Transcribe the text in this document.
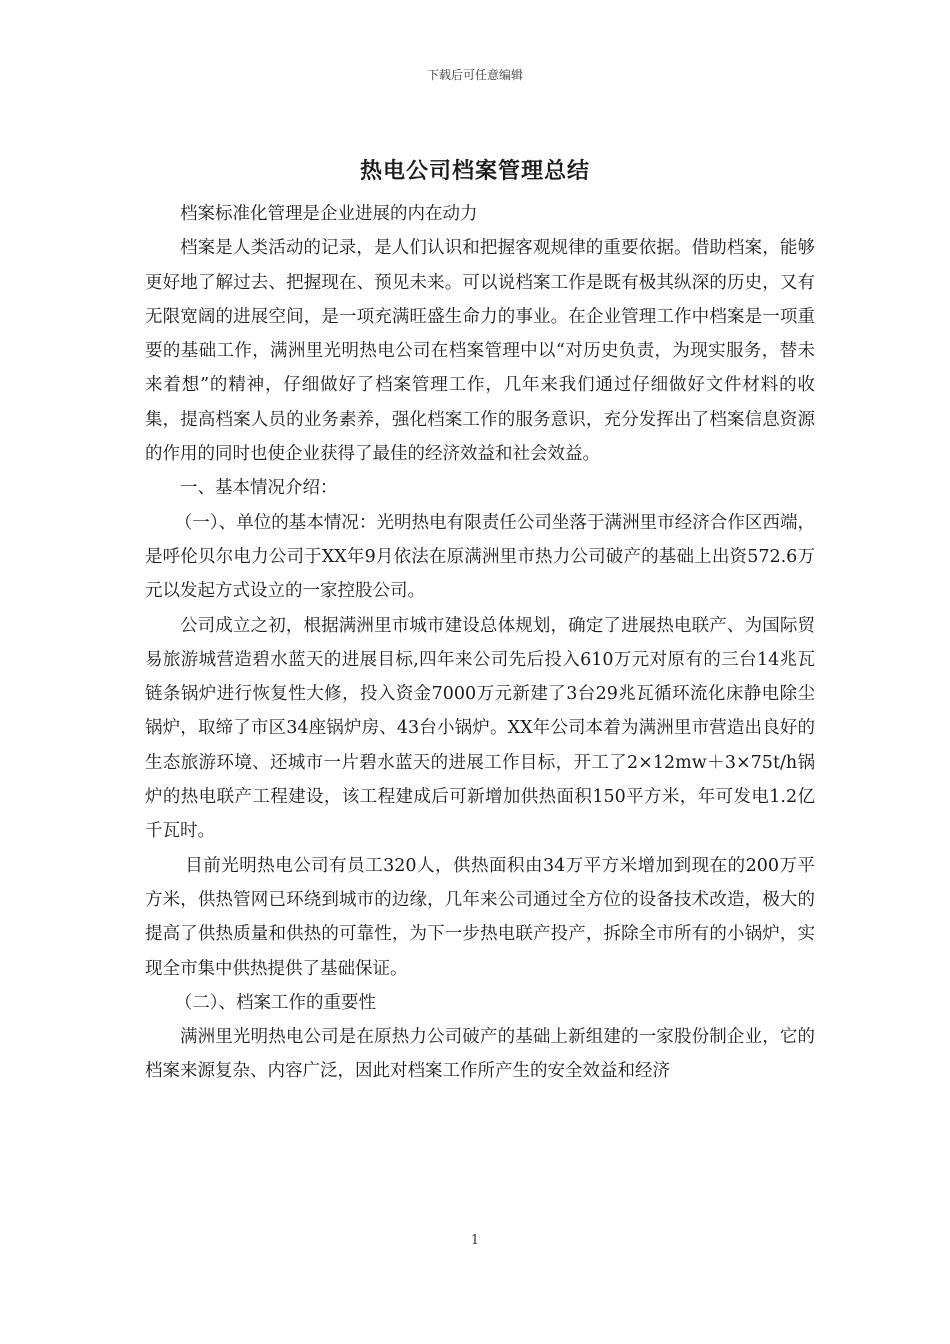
下载后可任意编辑
热电公司档案管理总结

档案标准化管理是企业进展的内在动力

档案是人类活动的记录，是人们认识和把握客观规律的重要依据。借助档案，能够更好地了解过去、把握现在、预见未来。可以说档案工作是既有极其纵深的历史，又有无限宽阔的进展空间，是一项充满旺盛生命力的事业。在企业管理工作中档案是一项重要的基础工作，满洲里光明热电公司在档案管理中以“对历史负责，为现实服务，替未来着想”的精神，仔细做好了档案管理工作，几年来我们通过仔细做好文件材料的收集，提高档案人员的业务素养，强化档案工作的服务意识，充分发挥出了档案信息资源的作用的同时也使企业获得了最佳的经济效益和社会效益。

一、基本情况介绍：

（一）、单位的基本情况：光明热电有限责任公司坐落于满洲里市经济合作区西端，是呼伦贝尔电力公司于XX年9月依法在原满洲里市热力公司破产的基础上出资572.6万元以发起方式设立的一家控股公司。

公司成立之初，根据满洲里市城市建设总体规划，确定了进展热电联产、为国际贸易旅游城营造碧水蓝天的进展目标,四年来公司先后投入610万元对原有的三台14兆瓦链条锅炉进行恢复性大修，投入资金7000万元新建了3台29兆瓦循环流化床静电除尘锅炉，取缔了市区34座锅炉房、43台小锅炉。XX年公司本着为满洲里市营造出良好的生态旅游环境、还城市一片碧水蓝天的进展工作目标，开工了2×12mw＋3×75t/h锅炉的热电联产工程建设，该工程建成后可新增加供热面积150平方米，年可发电1.2亿千瓦时。

目前光明热电公司有员工320人，供热面积由34万平方米增加到现在的200万平方米，供热管网已环绕到城市的边缘，几年来公司通过全方位的设备技术改造，极大的提高了供热质量和供热的可靠性，为下一步热电联产投产，拆除全市所有的小锅炉，实现全市集中供热提供了基础保证。

（二）、档案工作的重要性

满洲里光明热电公司是在原热力公司破产的基础上新组建的一家股份制企业，它的档案来源复杂、内容广泛，因此对档案工作所产生的安全效益和经济

1
